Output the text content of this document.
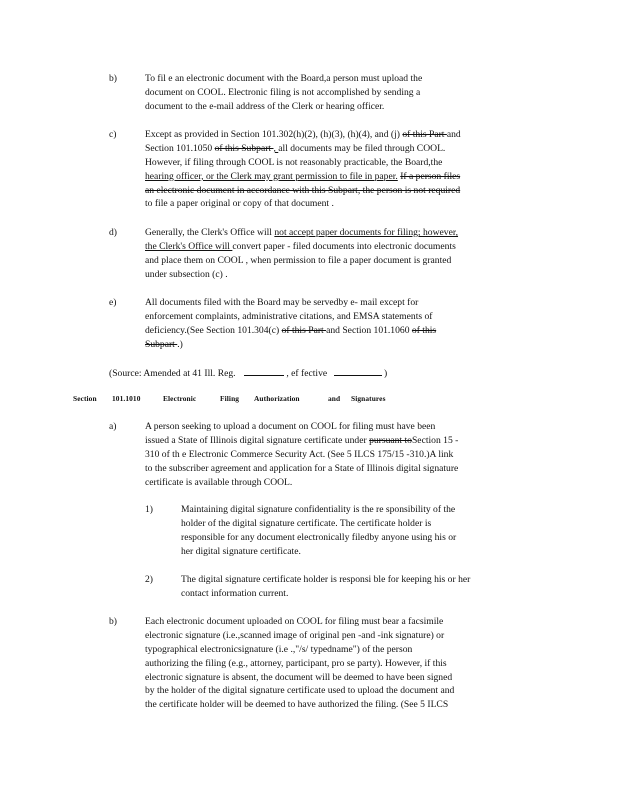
b)	To fil e an electronic document with the Board,a person must upload the
document on COOL. Electronic filing is not accomplished by sending a
document to the e-mail address of the Clerk or hearing officer.
c)	Except as provided in Section 101.302(h)(2), (h)(3), (h)(4), and (j) of this Part and
Section 101.1050 of this Subpart , all documents may be filed through COOL.
However, if filing through COOL is not reasonably practicable, the Board,the
hearing officer, or the Clerk may grant permission to file in paper. If a person files
an electronic document in accordance with this Subpart, the person is not required
to file a paper original or copy of that document .
d)	Generally, the Clerk's Office will not accept paper documents for filing; however,
the Clerk's Office will convert paper - filed documents into electronic documents
and place them on COOL , when permission to file a paper document is granted
under subsection (c) .
e)	All documents filed with the Board may be servedby e- mail except for
enforcement complaints, administrative citations, and EMSA statements of
deficiency.(See Section 101.304(c) of this Part and Section 101.1060 of this
Subpart .)
(Source: Amended at 41 Ill. Reg.	, ef fective	)
Section 101.1010	Electronic	Filing Authorization	and Signatures
a)	A person seeking to upload a document on COOL for filing must have been
issued a State of Illinois digital signature certificate under pursuant toSection 15 -
310 of th e Electronic Commerce Security Act. (See 5 ILCS 175/15 -310.)A link
to the subscriber agreement and application for a State of Illinois digital signature
certificate is available through COOL.
1)	Maintaining digital signature confidentiality is the re sponsibility of the
holder of the digital signature certificate. The certificate holder is
responsible for any document electronically filedby anyone using his or
her digital signature certificate.
2)	The digital signature certificate holder is responsi ble for keeping his or her
contact information current.
b)	Each electronic document uploaded on COOL for filing must bear a facsimile
electronic signature (i.e.,scanned image of original pen -and -ink signature) or
typographical electronicsignature (i.e .,"/s/ typedname") of the person
authorizing the filing (e.g., attorney, participant, pro se party). However, if this
electronic signature is absent, the document will be deemed to have been signed
by the holder of the digital signature certificate used to upload the document and
the certificate holder will be deemed to have authorized the filing. (See 5 ILCS
